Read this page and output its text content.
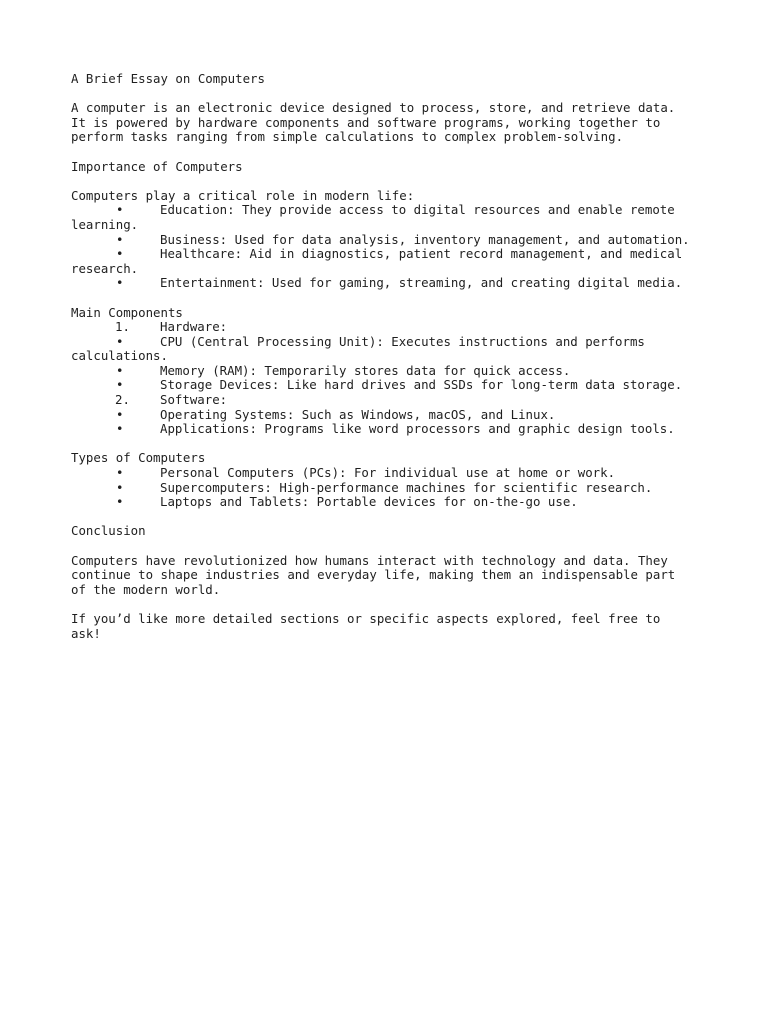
A Brief Essay on Computers
A computer is an electronic device designed to process, store, and retrieve data.
It is powered by hardware components and software programs, working together to
perform tasks ranging from simple calculations to complex problem-solving.
Importance of Computers
Computers play a critical role in modern life:
•	Education: They provide access to digital resources and enable remote
learning.
•	Business: Used for data analysis, inventory management, and automation.
•	Healthcare: Aid in diagnostics, patient record management, and medical
research.
•	Entertainment: Used for gaming, streaming, and creating digital media.
Main Components
1.	Hardware:
•	CPU (Central Processing Unit): Executes instructions and performs
calculations.
•	Memory (RAM): Temporarily stores data for quick access.
•	Storage Devices: Like hard drives and SSDs for long-term data storage.
2.	Software:
•	Operating Systems: Such as Windows, macOS, and Linux.
•	Applications: Programs like word processors and graphic design tools.
Types of Computers
•	Personal Computers (PCs): For individual use at home or work.
•	Supercomputers: High-performance machines for scientific research.
•	Laptops and Tablets: Portable devices for on-the-go use.
Conclusion
Computers have revolutionized how humans interact with technology and data. They
continue to shape industries and everyday life, making them an indispensable part
of the modern world.
If you’d like more detailed sections or specific aspects explored, feel free to
ask!
